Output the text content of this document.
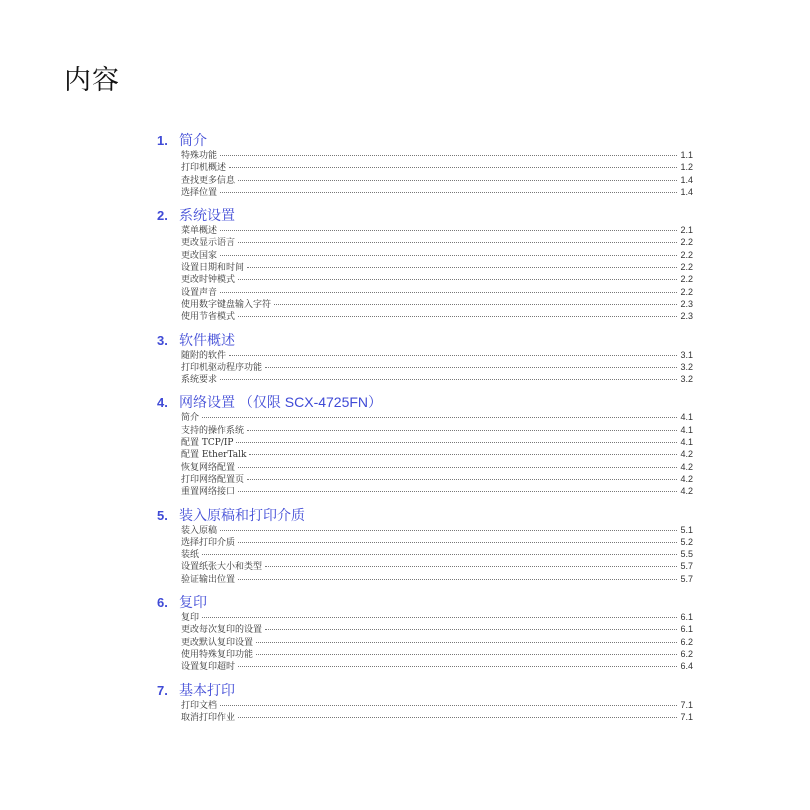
内容
1. 简介
特殊功能	1.1
打印机概述	1.2
查找更多信息	1.4
选择位置	1.4
2. 系统设置
菜单概述	2.1
更改显示语言	2.2
更改国家	2.2
设置日期和时间	2.2
更改时钟模式	2.2
设置声音	2.2
使用数字键盘输入字符	2.3
使用节省模式	2.3
3. 软件概述
随附的软件	3.1
打印机驱动程序功能	3.2
系统要求	3.2
4. 网络设置 （仅限 SCX-4725FN）
简介	4.1
支持的操作系统	4.1
配置 TCP/IP	4.1
配置 EtherTalk	4.2
恢复网络配置	4.2
打印网络配置页	4.2
重置网络接口	4.2
5. 装入原稿和打印介质
装入原稿	5.1
选择打印介质	5.2
装纸	5.5
设置纸张大小和类型	5.7
验证输出位置	5.7
6. 复印
复印	6.1
更改每次复印的设置	6.1
更改默认复印设置	6.2
使用特殊复印功能	6.2
设置复印超时	6.4
7. 基本打印
打印文档	7.1
取消打印作业	7.1
